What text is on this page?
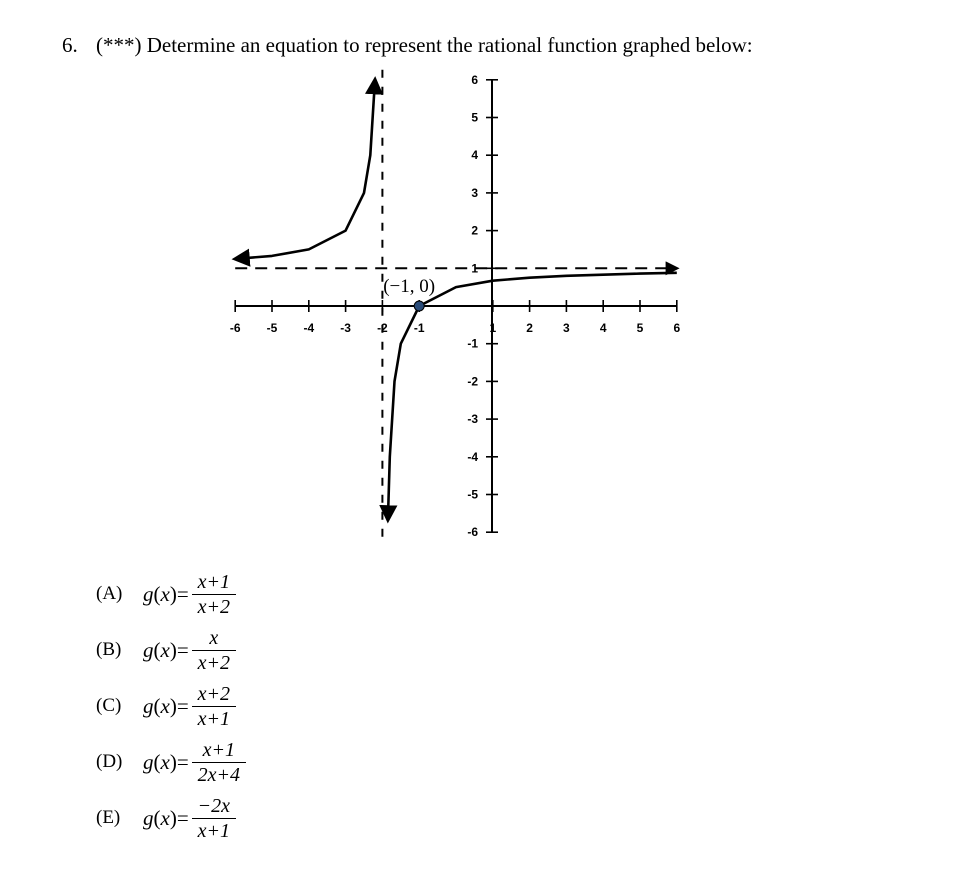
6. (***) Determine an equation to represent the rational function graphed below:
-6 -5 -4 -3 -2 -1	1	2	3	4	5	6
6
5
4
3
2
1
-1
-2
-3
-4
-5
-6
(−1, 0)
(A) $g(x)= \frac{x+1}{x+2}$
(B)	$g(x)= \frac{x}{x+2}$
(C)	$g(x)= \frac{x+2}{x+1}$
(D) $g(x)= \frac{x+1}{2x+4}$
(E)	$g(x)= \frac{-2x}{x+1}$
